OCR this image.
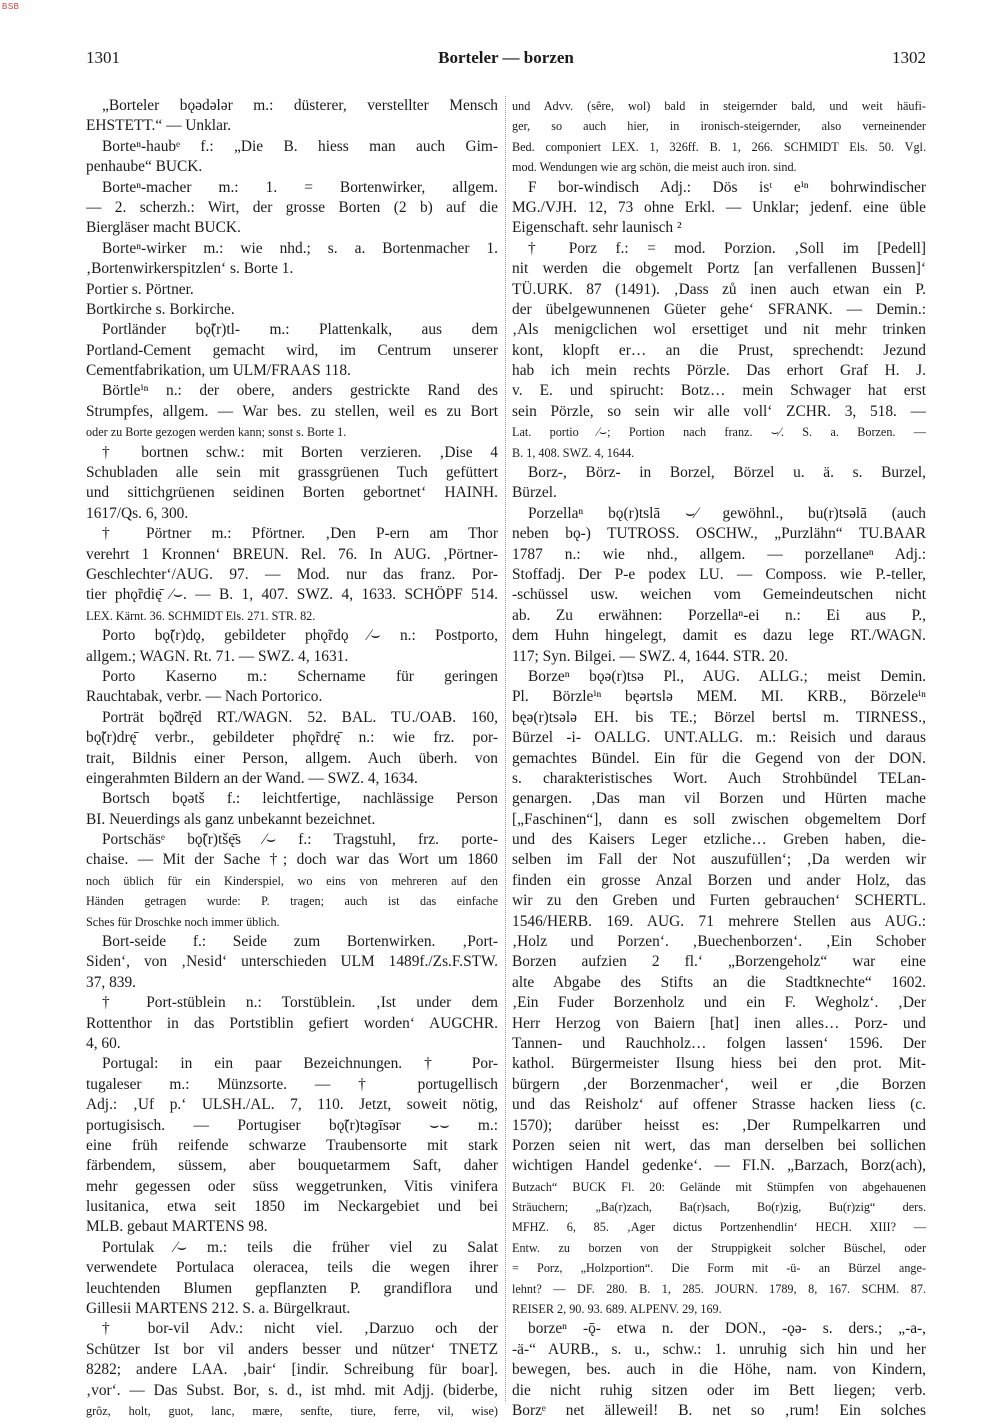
BSB
1301	Borteler — borzen	1302
„Borteler bǫədələr m.: düsterer, verstellter Mensch
EHSTETT.“ — Unklar.
Borteⁿ-haubᵉ f.: „Die B. hiess man auch Gim-
penhaube“ BUCK.
Borteⁿ-macher m.: 1. = Bortenwirker, allgem.
— 2. scherzh.: Wirt, der grosse Borten (2 b) auf die
Biergläser macht BUCK.
Borteⁿ-wirker m.: wie nhd.; s. a. Bortenmacher 1.
‚Bortenwirkerspitzlen‘ s. Borte 1.
Portier s. Pörtner.
Bortkirche s. Borkirche.
Portländer bǫ̃(r)tl- m.: Plattenkalk, aus dem
Portland-Cement gemacht wird, im Centrum unserer
Cementfabrikation, um ULM/FRAAS 118.
Börtleⁱⁿ n.: der obere, anders gestrickte Rand des
Strumpfes, allgem. — War bes. zu stellen, weil es zu Bort
oder zu Borte gezogen werden kann; sonst s. Borte 1.
† bortnen schw.: mit Borten verzieren. ‚Dise 4
Schubladen alle sein mit grassgrüenen Tuch gefüttert
und sittichgrüenen seidinen Borten gebortnet‘ HAINH.
1617/Qs. 6, 300.
† Pörtner m.: Pförtner. ‚Den P-ern am Thor
verehrt 1 Kronnen‘ BREUN. Rel. 76. In AUG. ‚Pörtner-
Geschlechter‘/AUG. 97. — Mod. nur das franz. Por-
tier phǫ̃rdię̄ ⁄⌣. — B. 1, 407. SWZ. 4, 1633. SCHÖPF 514.
LEX. Kärnt. 36. SCHMIDT Els. 271. STR. 82.
Porto bǫ̃(r)dǫ, gebildeter phǫ̃rdǫ ⁄⌣ n.: Postporto,
allgem.; WAGN. Rt. 71. — SWZ. 4, 1631.
Porto Kaserno m.: Schername für geringen
Rauchtabak, verbr. — Nach Portorico.
Porträt bǫ̃drę̄d RT./WAGN. 52. BAL. TU./OAB. 160,
bǫ̃(r)drę̄ verbr., gebildeter phǫ̃rdrę̄ n.: wie frz. por-
trait, Bildnis einer Person, allgem. Auch überh. von
eingerahmten Bildern an der Wand. — SWZ. 4, 1634.
Bortsch bǫətš f.: leichtfertige, nachlässige Person
BI. Neuerdings als ganz unbekannt bezeichnet.
Portschäsᵉ bǫ̃(r)tšę̄s ⁄⌣ f.: Tragstuhl, frz. porte-
chaise. — Mit der Sache †; doch war das Wort um 1860
noch üblich für ein Kinderspiel, wo eins von mehreren auf den
Händen getragen wurde: P. tragen; auch ist das einfache
Sches für Droschke noch immer üblich.
Bort-seide f.: Seide zum Bortenwirken. ‚Port-
Siden‘, von ‚Nesid‘ unterschieden ULM 1489f./Zs.F.STW.
37, 839.
† Port-stüblein n.: Torstüblein. ‚Ist under dem
Rottenthor in das Portstiblin gefiert worden‘ AUGCHR.
4, 60.
Portugal: in ein paar Bezeichnungen. † Por-
tugaleser m.: Münzsorte. — † portugellisch
Adj.: ‚Uf p.‘ ULSH./AL. 7, 110. Jetzt, soweit nötig,
portugisisch. — Portugiser bǫ̃(r)təgīsər ⌣⌣ m.:
eine früh reifende schwarze Traubensorte mit stark
färbendem, süssem, aber bouquetarmem Saft, daher
mehr gegessen oder süss weggetrunken, Vitis vinifera
lusitanica, etwa seit 1850 im Neckargebiet und bei
MLB. gebaut MARTENS 98.
Portulak ⁄⌣ m.: teils die früher viel zu Salat
verwendete Portulaca oleracea, teils die wegen ihrer
leuchtenden Blumen gepflanzten P. grandiflora und
Gillesii MARTENS 212. S. a. Bürgelkraut.
† bor-vil Adv.: nicht viel. ‚Darzuo och der
Schützer Ist bor vil anders besser und nützer‘ TNETZ
8282; andere LAA. ‚bair‘ [indir. Schreibung für boar].
‚vor‘. — Das Subst. Bor, s. d., ist mhd. mit Adjj. (biderbe,
grôz, holt, guot, lanc, mære, senfte, tiure, ferre, vil, wise)
und Advv. (sêre, wol) bald in steigernder bald, und weit häufi-
ger, so auch hier, in ironisch-steigernder, also verneinender
Bed. componiert LEX. 1, 326ff. B. 1, 266. SCHMIDT Els. 50. Vgl.
mod. Wendungen wie arg schön, die meist auch iron. sind.
F bor-windisch Adj.: Dös isᵗ eⁱⁿ bohrwindischer
MG./VJH. 12, 73 ohne Erkl. — Unklar; jedenf. eine üble
Eigenschaft. sehr launisch ²
† Porz f.: = mod. Porzion. ‚Soll im [Pedell]
nit werden die obgemelt Portz [an verfallenen Bussen]‘
TÜ.URK. 87 (1491). ‚Dass zů inen auch etwan ein P.
der übelgewunnenen Güeter gehe‘ SFRANK. — Demin.:
‚Als menigclichen wol ersettiget und nit mehr trinken
kont, klopft er… an die Prust, sprechendt: Jezund
hab ich mein rechts Pörzle. Das erhort Graf H. J.
v. E. und spirucht: Botz… mein Schwager hat erst
sein Pörzle, so sein wir alle voll‘ ZCHR. 3, 518. —
Lat. portio ⁄⌣; Portion nach franz. ⌣⁄. S. a. Borzen. —
B. 1, 408. SWZ. 4, 1644.
Borz-, Börz- in Borzel, Börzel u. ä. s. Burzel,
Bürzel.
Porzellaⁿ bǫ(r)tslā ⌣⁄ gewöhnl., bu(r)tsəlā (auch
neben bǫ-) TUTROSS. OSCHW., „Purzlähn“ TU.BAAR
1787 n.: wie nhd., allgem. — porzellaneⁿ Adj.:
Stoffadj. Der P-e podex LU. — Composs. wie P.-teller,
-schüssel usw. weichen vom Gemeindeutschen nicht
ab. Zu erwähnen: Porzellaⁿ-ei n.: Ei aus P.,
dem Huhn hingelegt, damit es dazu lege RT./WAGN.
117; Syn. Bilgei. — SWZ. 4, 1644. STR. 20.
Borzeⁿ bǫə(r)tsə Pl., AUG. ALLG.; meist Demin.
Pl. Börzleⁱⁿ bęərtslə MEM. MI. KRB., Börzeleⁱⁿ
bęə(r)tsələ EH. bis TE.; Börzel bertsl m. TIRNESS.,
Bürzel -i- OALLG. UNT.ALLG. m.: Reisich und daraus
gemachtes Bündel. Ein für die Gegend von der DON.
s. charakteristisches Wort. Auch Strohbündel TELan-
genargen. ‚Das man vil Borzen und Hürten mache
[„Faschinen“], dann es soll zwischen obgemeltem Dorf
und des Kaisers Leger etzliche… Greben haben, die-
selben im Fall der Not auszufüllen‘; ‚Da werden wir
finden ein grosse Anzal Borzen und ander Holz, das
wir zu den Greben und Furten gebrauchen‘ SCHERTL.
1546/HERB. 169. AUG. 71 mehrere Stellen aus AUG.:
‚Holz und Porzen‘. ‚Buechenborzen‘. ‚Ein Schober
Borzen aufzien 2 fl.‘ „Borzengeholz“ war eine
alte Abgabe des Stifts an die Stadtknechte“ 1602.
‚Ein Fuder Borzenholz und ein F. Wegholz‘. ‚Der
Herr Herzog von Baiern [hat] inen alles… Porz- und
Tannen- und Rauchholz… folgen lassen‘ 1596. Der
kathol. Bürgermeister Ilsung hiess bei den prot. Mit-
bürgern ‚der Borzenmacher‘, weil er ‚die Borzen
und das Reisholz‘ auf offener Strasse hacken liess (c.
1570); darüber heisst es: ‚Der Rumpelkarren und
Porzen seien nit wert, das man derselben bei sollichen
wichtigen Handel gedenke‘. — FI.N. „Barzach, Borz(ach),
Butzach“ BUCK Fl. 20: Gelände mit Stümpfen von abgehauenen
Sträuchern; „Ba(r)zach, Ba(r)sach, Bo(r)zig, Bu(r)zig“ ders.
MFHZ. 6, 85. ‚Ager dictus Portzenhendlin‘ HECH. XIII? —
Entw. zu borzen von der Struppigkeit solcher Büschel, oder
= Porz, „Holzportion“. Die Form mit -ü- an Bürzel ange-
lehnt? — DF. 280. B. 1, 285. JOURN. 1789, 8, 167. SCHM. 87.
REISER 2, 90. 93. 689. ALPENV. 29, 169.
borzeⁿ -ǭ- etwa n. der DON., -ǫə- s. ders.; „-a-,
-ä-“ AURB., s. u., schw.: 1. unruhig sich hin und her
bewegen, bes. auch in die Höhe, nam. von Kindern,
die nicht ruhig sitzen oder im Bett liegen; verb.
Borzᵉ net älleweil! B. net so ‚rum! Ein solches
